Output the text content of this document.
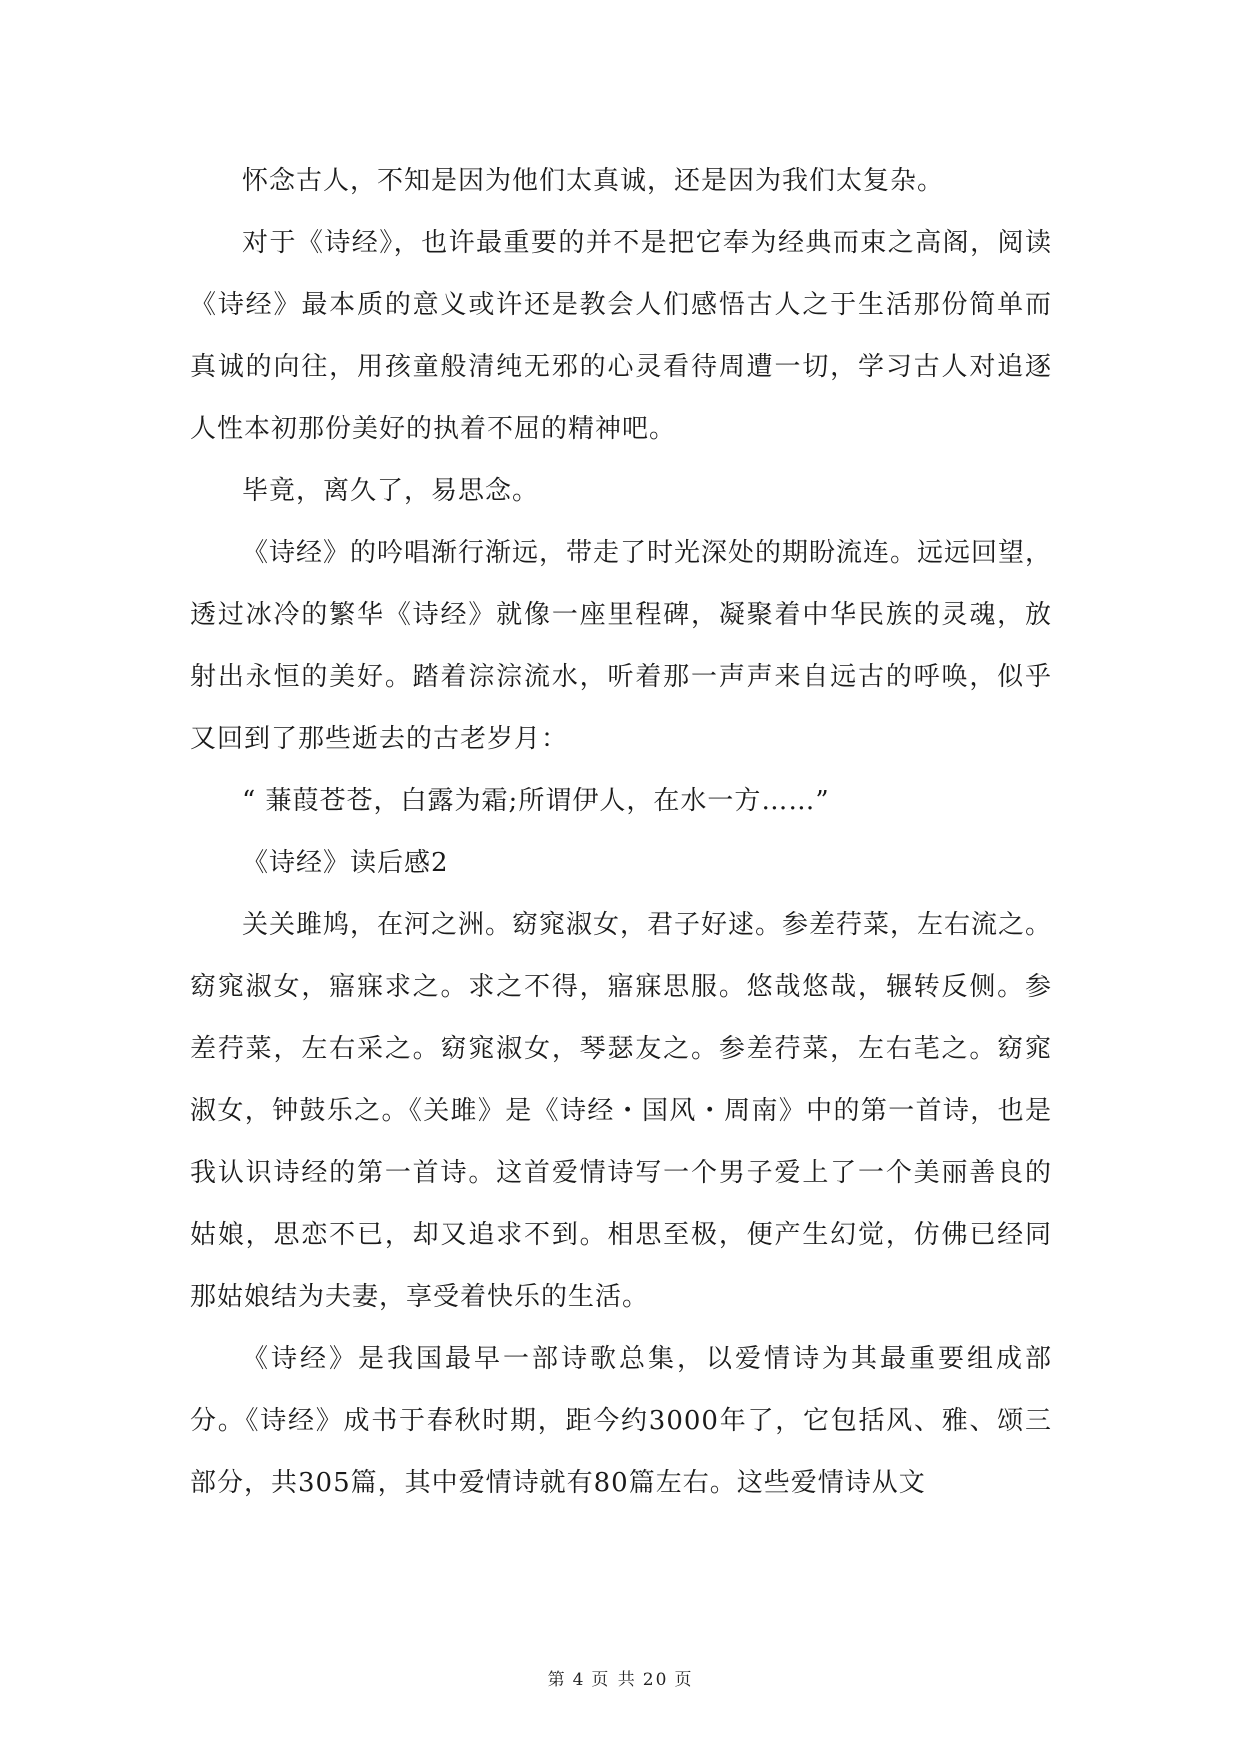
怀念古人，不知是因为他们太真诚，还是因为我们太复杂。

对于《诗经》，也许最重要的并不是把它奉为经典而束之高阁，阅读《诗经》最本质的意义或许还是教会人们感悟古人之于生活那份简单而真诚的向往，用孩童般清纯无邪的心灵看待周遭一切，学习古人对追逐人性本初那份美好的执着不屈的精神吧。

毕竟，离久了，易思念。

《诗经》的吟唱渐行渐远，带走了时光深处的期盼流连。远远回望，透过冰冷的繁华《诗经》就像一座里程碑，凝聚着中华民族的灵魂，放射出永恒的美好。踏着淙淙流水，听着那一声声来自远古的呼唤，似乎又回到了那些逝去的古老岁月：

“ 蒹葭苍苍，白露为霜;所谓伊人，在水一方……”

《诗经》读后感2

关关雎鸠，在河之洲。窈窕淑女，君子好逑。参差荇菜，左右流之。窈窕淑女，寤寐求之。求之不得，寤寐思服。悠哉悠哉，辗转反侧。参差荇菜，左右采之。窈窕淑女，琴瑟友之。参差荇菜，左右芼之。窈窕淑女，钟鼓乐之。《关雎》是《诗经・国风・周南》中的第一首诗，也是我认识诗经的第一首诗。这首爱情诗写一个男子爱上了一个美丽善良的姑娘，思恋不已，却又追求不到。相思至极，便产生幻觉，仿佛已经同那姑娘结为夫妻，享受着快乐的生活。

《诗经》是我国最早一部诗歌总集，以爱情诗为其最重要组成部分。《诗经》成书于春秋时期，距今约3000年了，它包括风、雅、颂三部分，共305篇，其中爱情诗就有80篇左右。这些爱情诗从文

第 4 页 共 20 页
